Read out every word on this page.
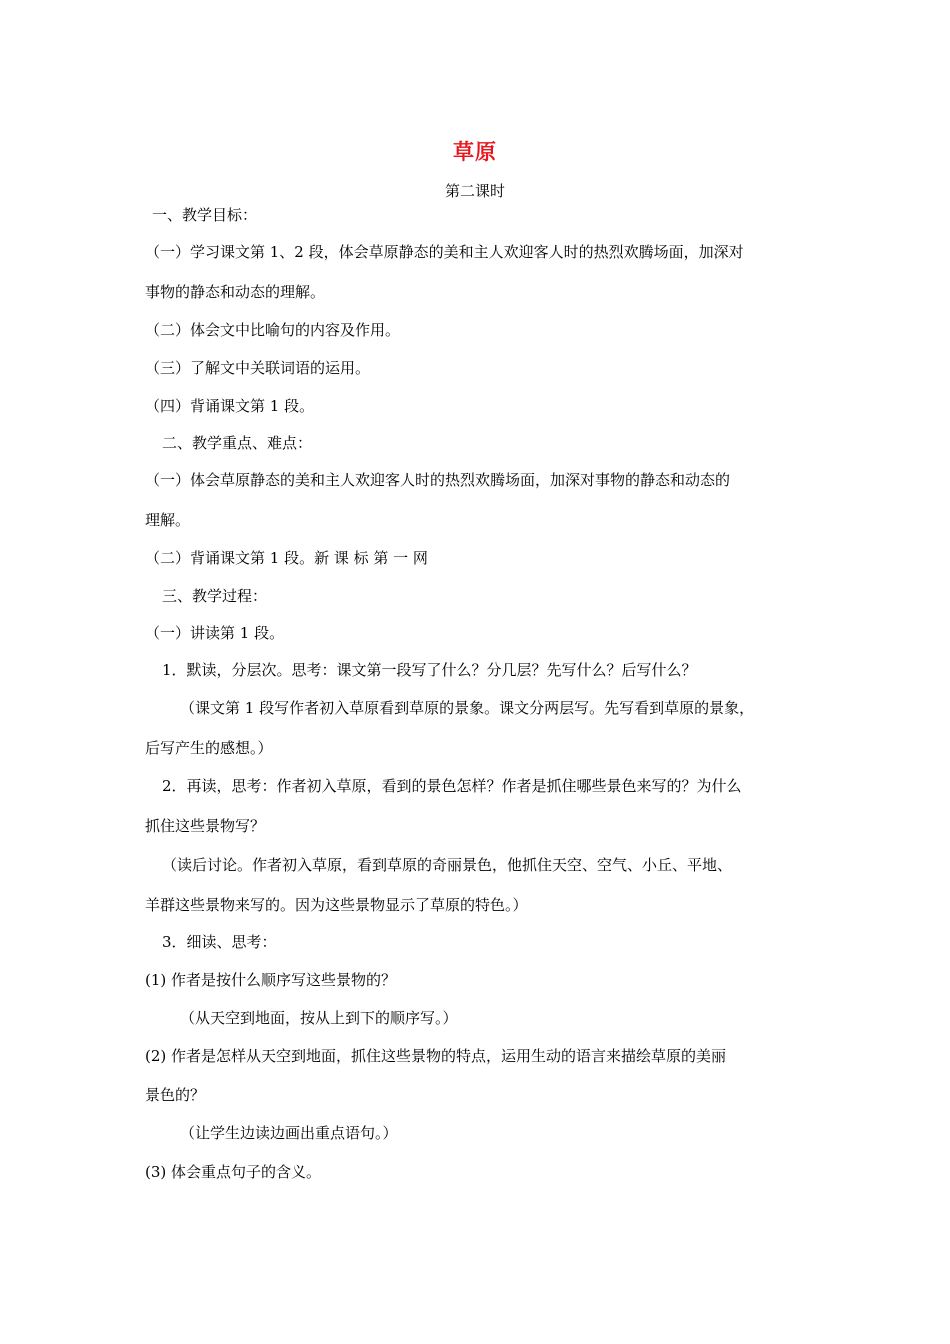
草原
第二课时
一、教学目标：
（一）学习课文第 1、2 段，体会草原静态的美和主人欢迎客人时的热烈欢腾场面，加深对
事物的静态和动态的理解。
（二）体会文中比喻句的内容及作用。
（三）了解文中关联词语的运用。
（四）背诵课文第 1 段。
二、教学重点、难点：
（一）体会草原静态的美和主人欢迎客人时的热烈欢腾场面，加深对事物的静态和动态的
理解。
（二）背诵课文第 1 段。新 课 标 第 一 网
三、教学过程：
（一）讲读第 1 段。
1．默读，分层次。思考：课文第一段写了什么？分几层？先写什么？后写什么？
（课文第 1 段写作者初入草原看到草原的景象。课文分两层写。先写看到草原的景象，
后写产生的感想。）
2．再读，思考：作者初入草原，看到的景色怎样？作者是抓住哪些景色来写的？为什么
抓住这些景物写？
（读后讨论。作者初入草原，看到草原的奇丽景色，他抓住天空、空气、小丘、平地、
羊群这些景物来写的。因为这些景物显示了草原的特色。）
3．细读、思考：
(1) 作者是按什么顺序写这些景物的？
（从天空到地面，按从上到下的顺序写。）
(2) 作者是怎样从天空到地面，抓住这些景物的特点，运用生动的语言来描绘草原的美丽
景色的？
（让学生边读边画出重点语句。）
(3) 体会重点句子的含义。
